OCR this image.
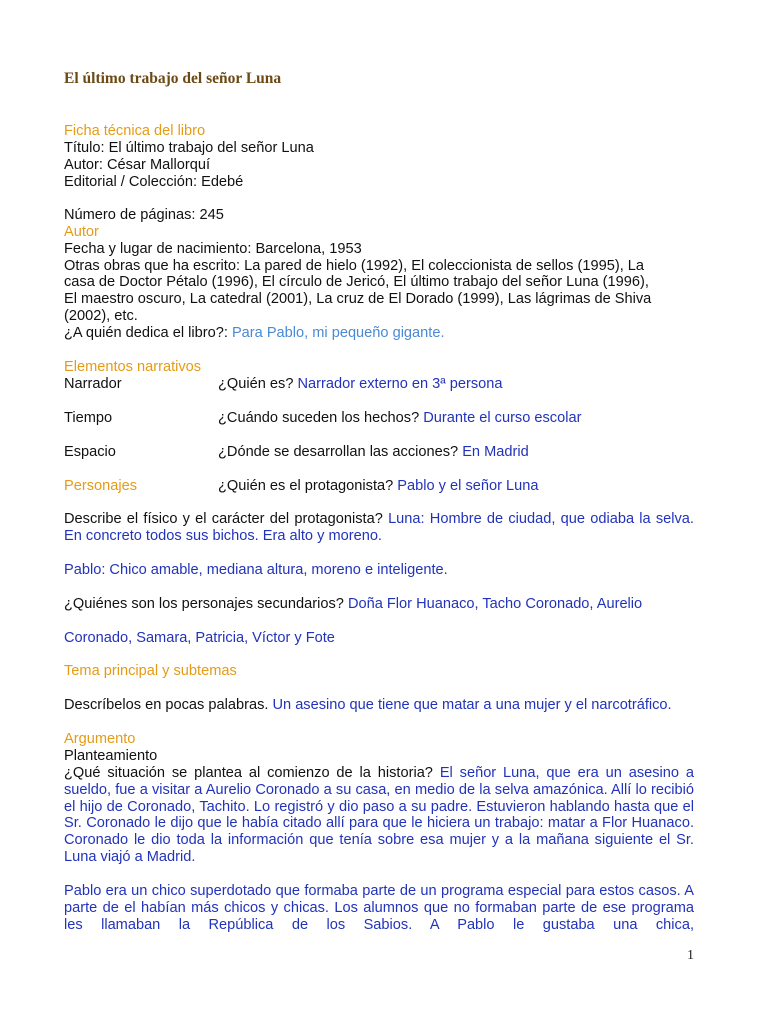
El último trabajo del señor Luna
Ficha técnica del libro
Título: El último trabajo del señor Luna
Autor: César Mallorquí
Editorial / Colección: Edebé
Número de páginas: 245
Autor
Fecha y lugar de nacimiento: Barcelona, 1953
Otras obras que ha escrito: La pared de hielo (1992), El coleccionista de sellos (1995), La
casa de Doctor Pétalo (1996), El círculo de Jericó, El último trabajo del señor Luna (1996),
El maestro oscuro, La catedral (2001), La cruz de El Dorado (1999), Las lágrimas de Shiva
(2002), etc.
¿A quién dedica el libro?: Para Pablo, mi pequeño gigante.
Elementos narrativos
Narrador	¿Quién es? Narrador externo en 3ª persona
Tiempo	¿Cuándo suceden los hechos? Durante el curso escolar
Espacio	¿Dónde se desarrollan las acciones? En Madrid
Personajes	¿Quién es el protagonista? Pablo y el señor Luna
Describe el físico y el carácter del protagonista? Luna: Hombre de ciudad, que odiaba la selva. En concreto todos sus bichos. Era alto y moreno.
Pablo: Chico amable, mediana altura, moreno e inteligente.
¿Quiénes son los personajes secundarios? Doña Flor Huanaco, Tacho Coronado, Aurelio
Coronado, Samara, Patricia, Víctor y Fote
Tema principal y subtemas
Descríbelos en pocas palabras. Un asesino que tiene que matar a una mujer y el narcotráfico.
Argumento
Planteamiento
¿Qué situación se plantea al comienzo de la historia? El señor Luna, que era un asesino a sueldo, fue a visitar a Aurelio Coronado a su casa, en medio de la selva amazónica. Allí lo recibió el hijo de Coronado, Tachito. Lo registró y dio paso a su padre. Estuvieron hablando hasta que el Sr. Coronado le dijo que le había citado allí para que le hiciera un trabajo: matar a Flor Huanaco. Coronado le dio toda la información que tenía sobre esa mujer y a la mañana siguiente el Sr. Luna viajó a Madrid.
Pablo era un chico superdotado que formaba parte de un programa especial para estos casos. A parte de el habían más chicos y chicas. Los alumnos que no formaban parte de ese programa les llamaban la República de los Sabios. A Pablo le gustaba una chica,
1
